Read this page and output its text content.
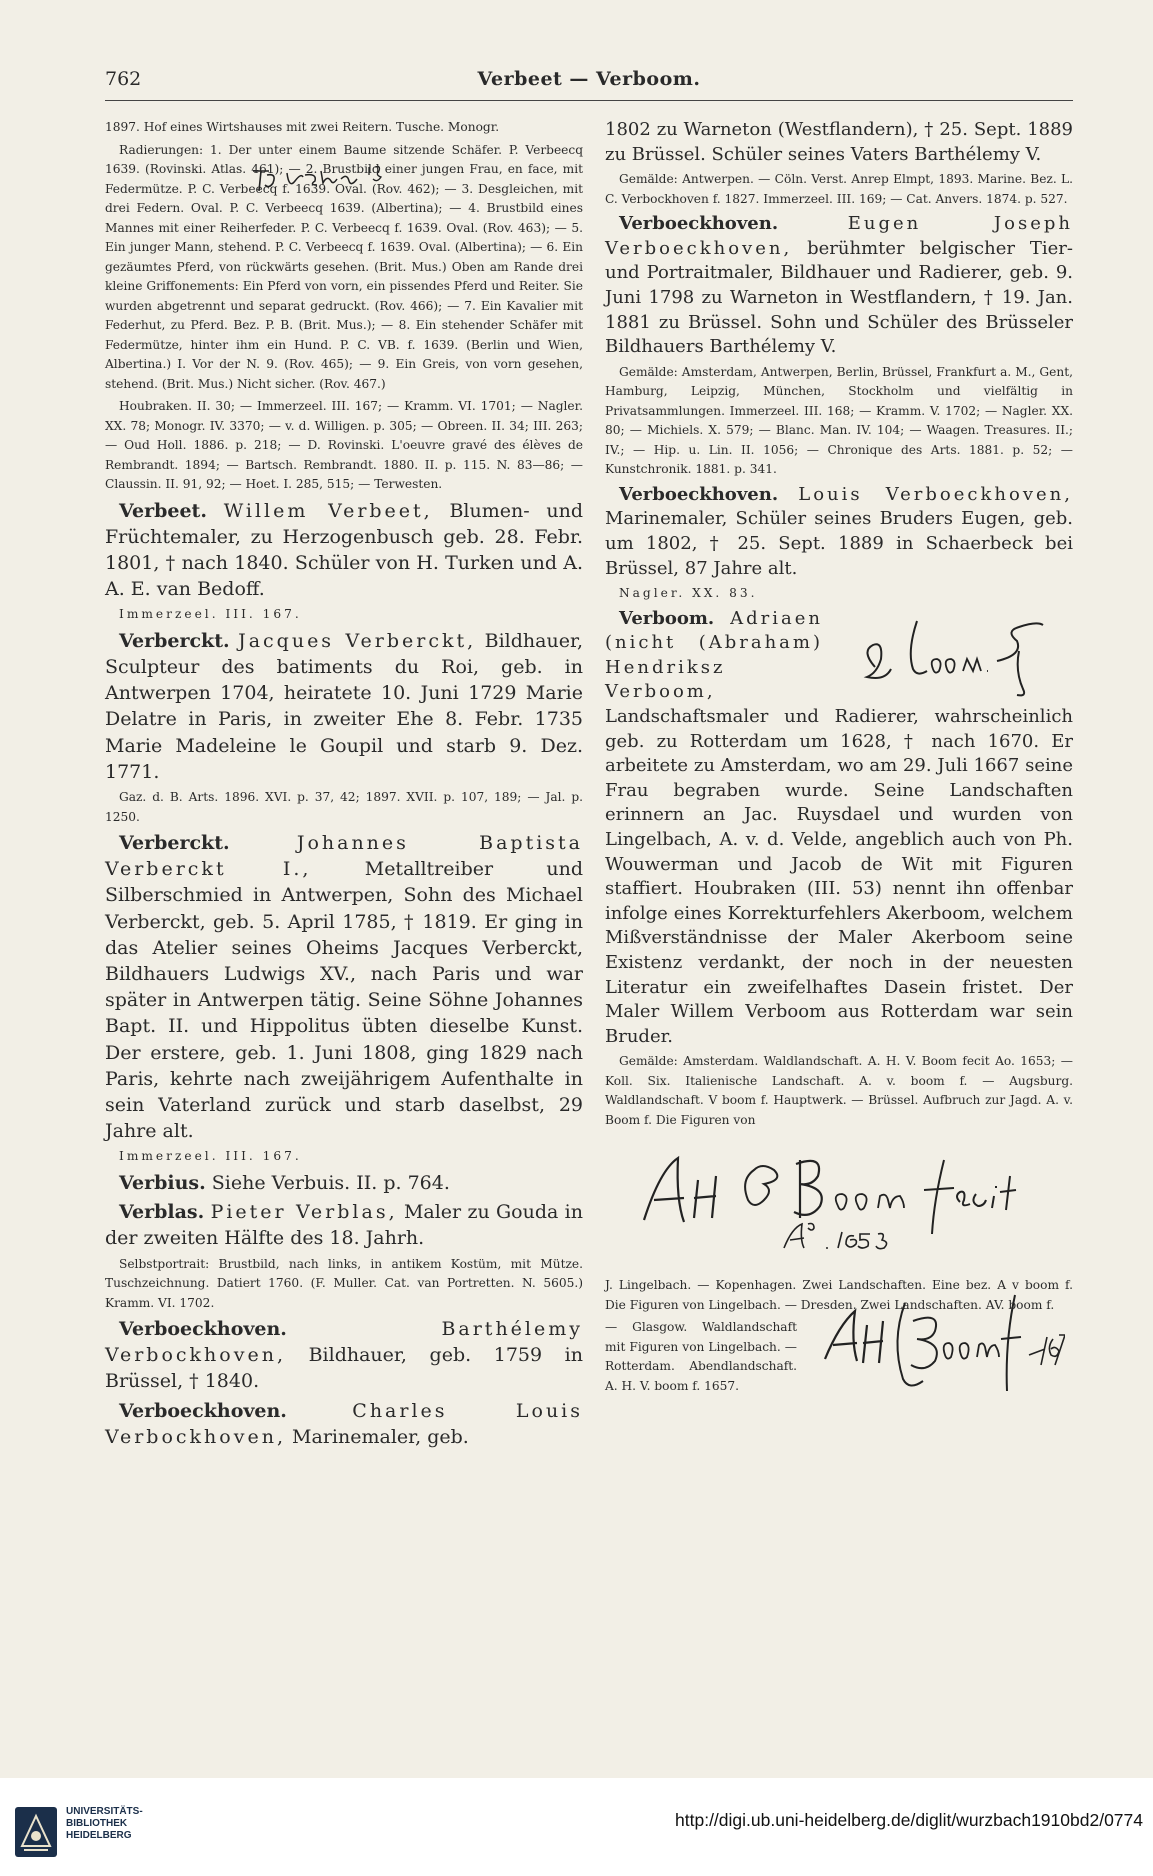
762	Verbeet — Verboom.

1897. Hof eines Wirtshauses mit zwei Reitern. Tusche. Monogr.

Radierungen: 1. Der unter einem Baume sitzende Schäfer. P. Verbeecq 1639. (Rovinski. Atlas. 461); — 2. Brustbild einer jungen Frau, en face, mit Federmütze. P. C. Verbeecq f. 1639. Oval. (Rov. 462); — 3. Desgleichen, mit drei Federn. Oval. P. C. Verbeecq 1639. (Albertina); — 4. Brustbild eines Mannes mit einer Reiherfeder. P. C. Verbeecq f. 1639. Oval. (Rov. 463); — 5. Ein junger Mann, stehend. P. C. Verbeecq f. 1639. Oval. (Albertina); — 6. Ein gezäumtes Pferd, von rückwärts gesehen. (Brit. Mus.) Oben am Rande drei kleine Griffonements: Ein Pferd von vorn, ein pissendes Pferd und Reiter. Sie wurden abgetrennt und separat gedruckt. (Rov. 466); — 7. Ein Kavalier mit Federhut, zu Pferd. Bez. P. B. (Brit. Mus.); — 8. Ein stehender Schäfer mit Federmütze, hinter ihm ein Hund. P. C. VB. f. 1639. (Berlin und Wien, Albertina.) I. Vor der N. 9. (Rov. 465); — 9. Ein Greis, von vorn gesehen, stehend. (Brit. Mus.) Nicht sicher. (Rov. 467.)

Houbraken. II. 30; — Immerzeel. III. 167; — Kramm. VI. 1701; — Nagler. XX. 78; Monogr. IV. 3370; — v. d. Willigen. p. 305; — Obreen. II. 34; III. 263; — Oud Holl. 1886. p. 218; — D. Rovinski. L'oeuvre gravé des élèves de Rembrandt. 1894; — Bartsch. Rembrandt. 1880. II. p. 115. N. 83—86; — Claussin. II. 91, 92; — Hoet. I. 285, 515; — Terwesten.

Verbeet. Willem Verbeet, Blumen- und Früchtemaler, zu Herzogenbusch geb. 28. Febr. 1801, † nach 1840. Schüler von H. Turken und A. A. E. van Bedoff.

Immerzeel. III. 167.

Verberckt. Jacques Verberckt, Bildhauer, Sculpteur des batiments du Roi, geb. in Antwerpen 1704, heiratete 10. Juni 1729 Marie Delatre in Paris, in zweiter Ehe 8. Febr. 1735 Marie Madeleine le Goupil und starb 9. Dez. 1771.

Gaz. d. B. Arts. 1896. XVI. p. 37, 42; 1897. XVII. p. 107, 189; — Jal. p. 1250.

Verberckt.	Johannes Baptista Verberckt I.,	Metalltreiber und Silberschmied in Antwerpen, Sohn des Michael Verberckt, geb. 5. April 1785, † 1819. Er ging in das Atelier seines Oheims Jacques Verberckt, Bildhauers Ludwigs XV., nach Paris und war später in Antwerpen tätig. Seine Söhne Johannes Bapt. II. und Hippolitus übten dieselbe Kunst. Der erstere, geb. 1. Juni 1808, ging 1829 nach Paris, kehrte nach zweijährigem Aufenthalte in sein Vaterland zurück und starb daselbst, 29 Jahre alt.

Immerzeel. III. 167.

Verbius. Siehe Verbuis. II. p. 764.

Verblas. Pieter Verblas, Maler zu Gouda in der zweiten Hälfte des 18. Jahrh.

Selbstportrait: Brustbild, nach links, in antikem Kostüm, mit Mütze. Tuschzeichnung. Datiert 1760. (F. Muller. Cat. van Portretten. N. 5605.) Kramm. VI. 1702.

Verboeckhoven.	Barthélemy Verbockhoven, Bildhauer, geb. 1759 in Brüssel, † 1840.

Verboeckhoven.	Charles Louis Verbockhoven, Marinemaler, geb.

1802 zu Warneton (Westflandern), † 25. Sept. 1889 zu Brüssel. Schüler seines Vaters Barthélemy V.

Gemälde: Antwerpen. — Cöln. Verst. Anrep Elmpt, 1893. Marine. Bez. L. C. Verbockhoven f. 1827. Immerzeel. III. 169; — Cat. Anvers. 1874. p. 527.

Verboeckhoven.	Eugen Joseph Verboeckhoven, berühmter belgischer Tier- und Portraitmaler, Bildhauer und Radierer, geb. 9. Juni 1798 zu Warneton in Westflandern, † 19. Jan. 1881 zu Brüssel. Sohn und Schüler des Brüsseler Bildhauers Barthélemy V.

Gemälde: Amsterdam, Antwerpen, Berlin, Brüssel, Frankfurt a. M., Gent, Hamburg, Leipzig, München, Stockholm und vielfältig in Privatsammlungen. Immerzeel. III. 168; — Kramm. V. 1702; — Nagler. XX. 80; — Michiels. X. 579; — Blanc. Man. IV. 104; — Waagen. Treasures. II.; IV.; — Hip. u. Lin. II. 1056; — Chronique des Arts. 1881. p. 52; — Kunstchronik. 1881. p. 341.

Verboeckhoven. Louis Verboeckhoven, Marinemaler, Schüler seines Bruders Eugen, geb. um 1802, † 25. Sept. 1889 in Schaerbeck bei Brüssel, 87 Jahre alt.

Nagler. XX. 83.

Verboom. Adriaen (nicht (Abraham) Hendriksz Verboom, Landschaftsmaler und Radierer, wahrscheinlich geb. zu Rotterdam um 1628, † nach 1670. Er arbeitete zu Amsterdam, wo am 29. Juli 1667 seine Frau begraben wurde. Seine Landschaften erinnern an Jac. Ruysdael und wurden von Lingelbach, A. v. d. Velde, angeblich auch von Ph. Wouwerman und Jacob de Wit mit Figuren staffiert. Houbraken (III. 53) nennt ihn offenbar infolge eines Korrekturfehlers Akerboom, welchem Mißverständnisse der Maler Akerboom seine Existenz verdankt, der noch in der neuesten Literatur ein zweifelhaftes Dasein fristet. Der Maler Willem Verboom aus Rotterdam war sein Bruder.

Gemälde: Amsterdam. Waldlandschaft. A. H. V. Boom fecit Ao. 1653; — Koll. Six. Italienische Landschaft. A. v. boom f. — Augsburg. Waldlandschaft. V boom f. Hauptwerk. — Brüssel. Aufbruch zur Jagd. A. v. Boom f. Die Figuren von

J. Lingelbach. — Kopenhagen. Zwei Landschaften. Eine bez. A v boom f. Die Figuren von Lingelbach. — Dresden. Zwei Landschaften. AV. boom f.

— Glasgow. Waldlandschaft mit Figuren von Lingelbach. — Rotterdam. Abendlandschaft. A. H. V. boom f. 1657.

UNIVERSITÄTS-
BIBLIOTHEK
HEIDELBERG
http://digi.ub.uni-heidelberg.de/diglit/wurzbach1910bd2/0774
